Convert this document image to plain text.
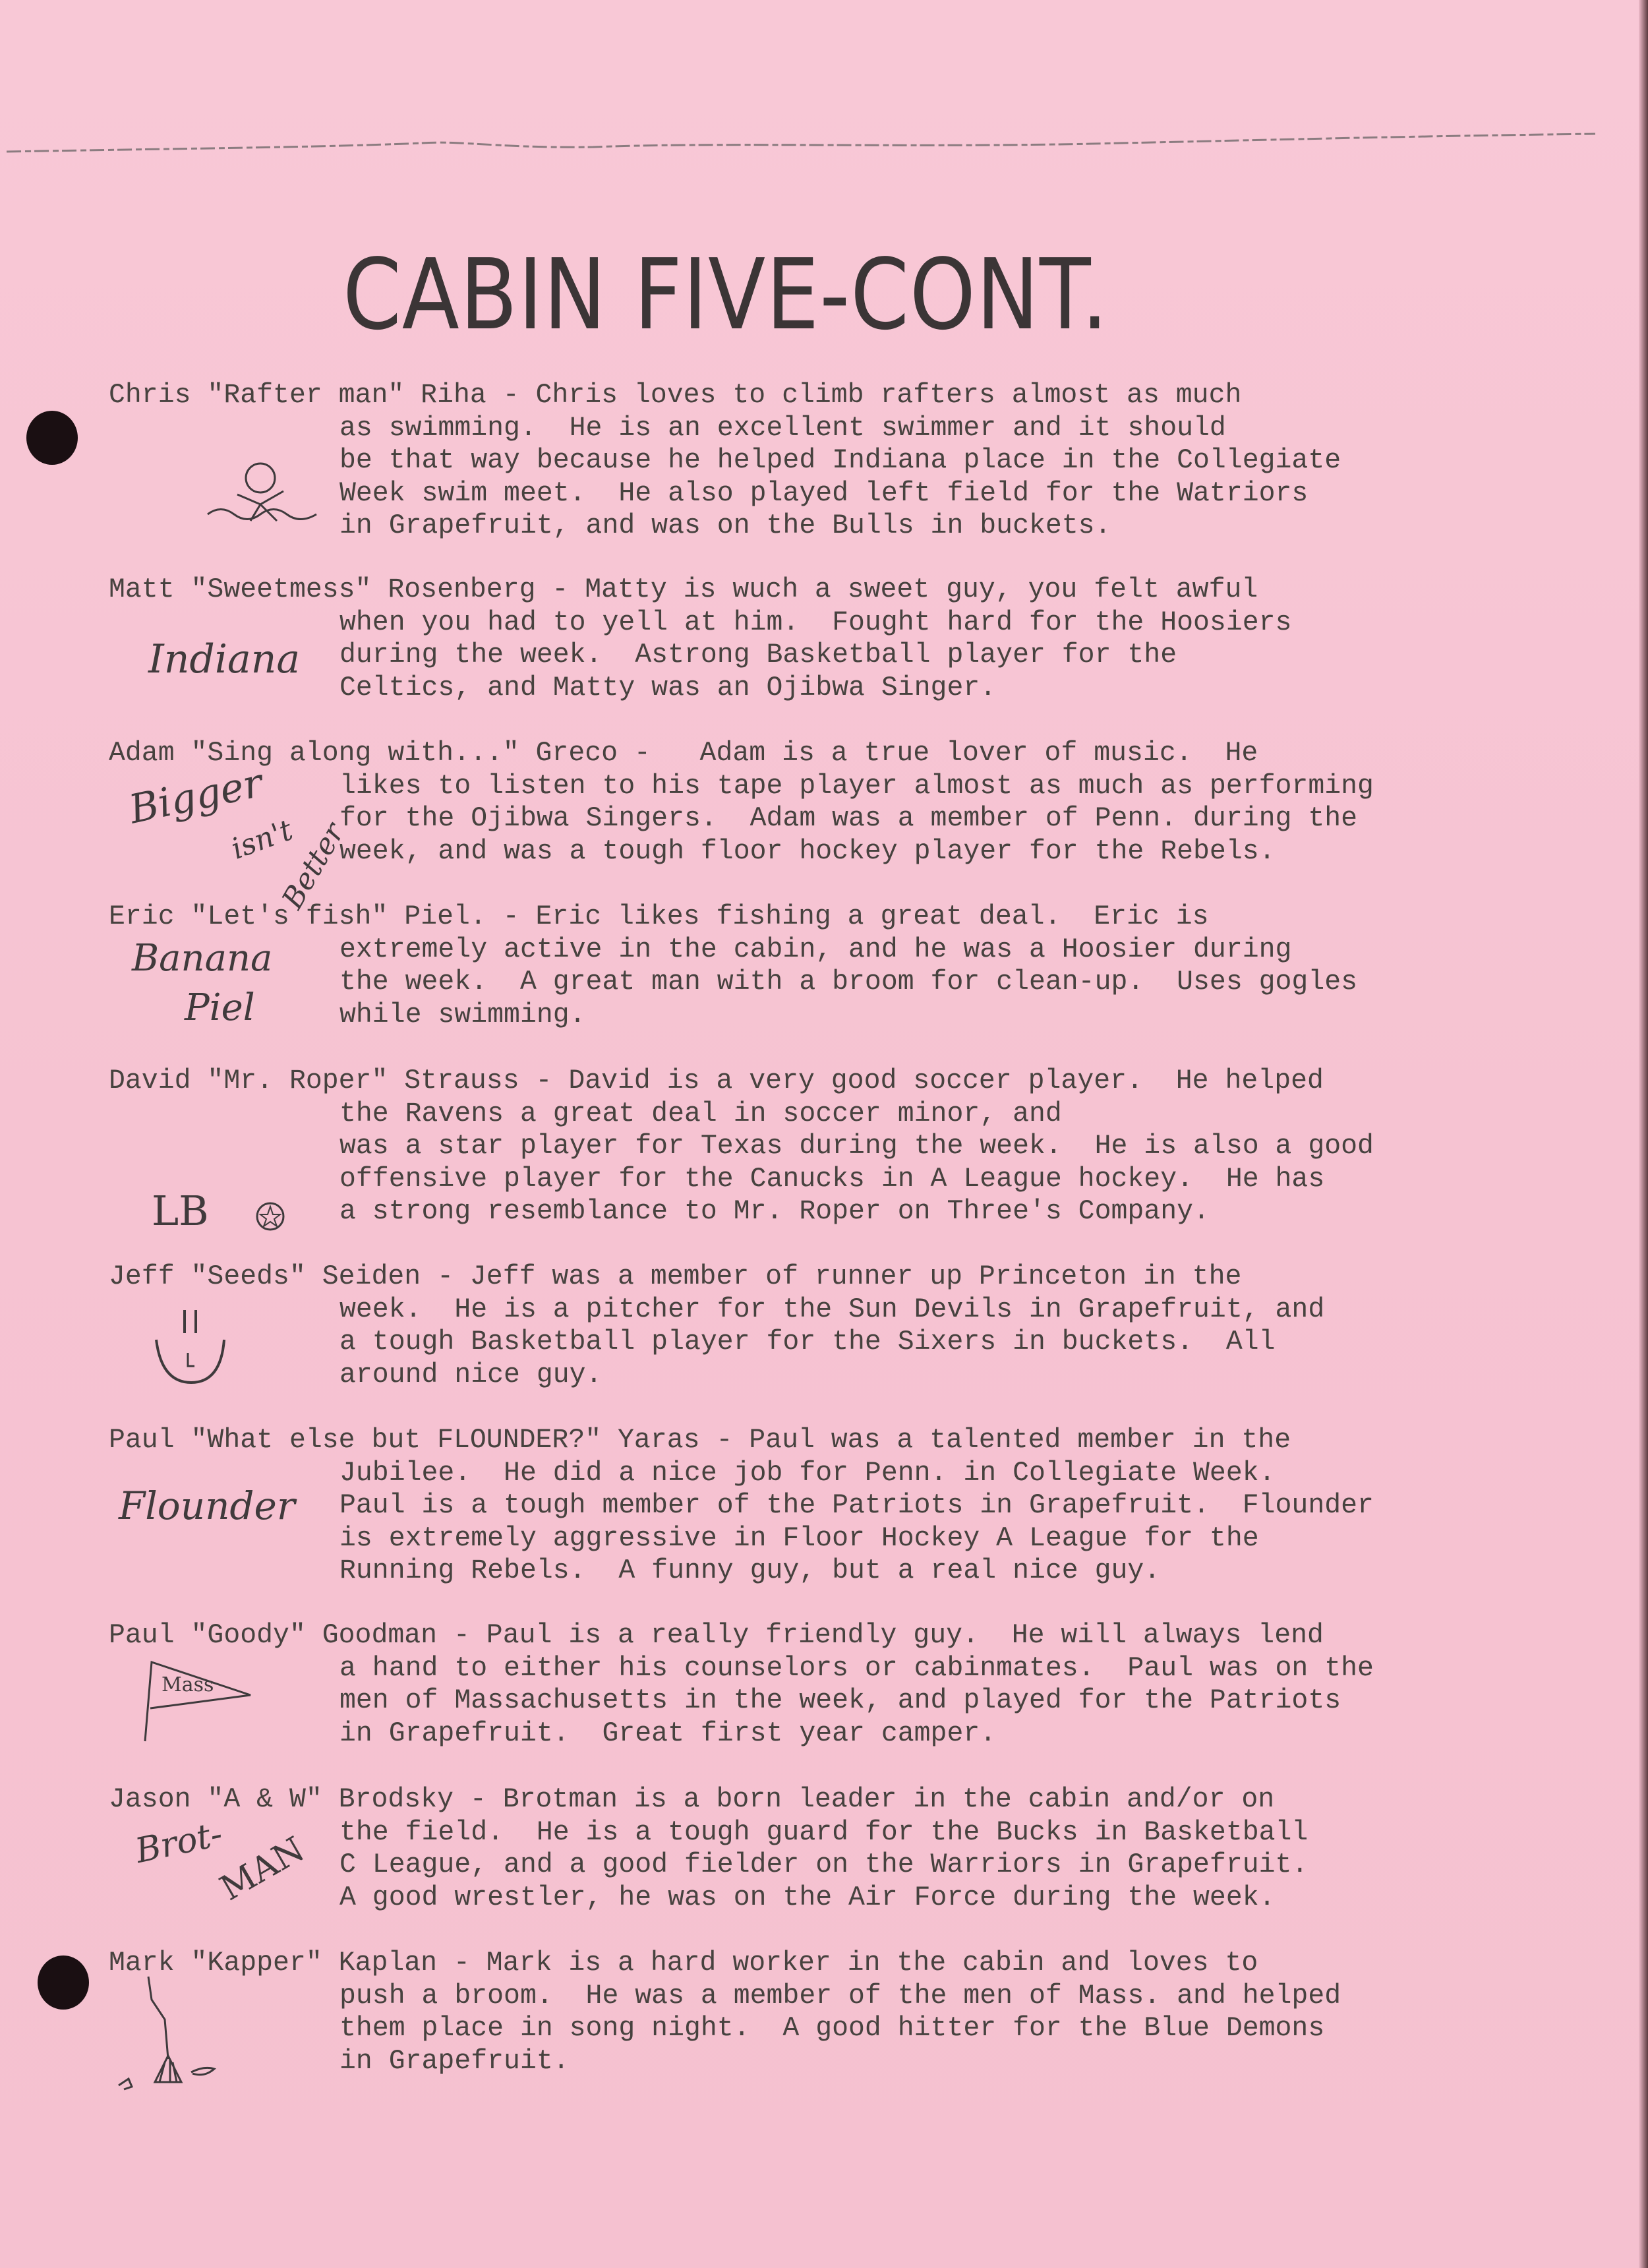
CABIN FIVE-CONT.
Chris "Rafter man" Riha - Chris loves to climb rafters almost as much
as swimming.  He is an excellent swimmer and it should
be that way because he helped Indiana place in the Collegiate
Week swim meet.  He also played left field for the Watriors
in Grapefruit, and was on the Bulls in buckets.
Matt "Sweetmess" Rosenberg - Matty is wuch a sweet guy, you felt awful
when you had to yell at him.  Fought hard for the Hoosiers
during the week.  Astrong Basketball player for the
Celtics, and Matty was an Ojibwa Singer.
Indiana
Adam "Sing along with..." Greco -   Adam is a true lover of music.  He
likes to listen to his tape player almost as much as performing
for the Ojibwa Singers.  Adam was a member of Penn. during the
week, and was a tough floor hockey player for the Rebels.
Bigger
isn't
Better
Eric "Let's fish" Piel. - Eric likes fishing a great deal.  Eric is
extremely active in the cabin, and he was a Hoosier during
the week.  A great man with a broom for clean-up.  Uses gogles
while swimming.
Banana
Piel
David "Mr. Roper" Strauss - David is a very good soccer player.  He helped
the Ravens a great deal in soccer minor, and
was a star player for Texas during the week.  He is also a good
offensive player for the Canucks in A League hockey.  He has
a strong resemblance to Mr. Roper on Three's Company.
LB
Jeff "Seeds" Seiden - Jeff was a member of runner up Princeton in the
week.  He is a pitcher for the Sun Devils in Grapefruit, and
a tough Basketball player for the Sixers in buckets.  All
around nice guy.
Paul "What else but FLOUNDER?" Yaras - Paul was a talented member in the
Jubilee.  He did a nice job for Penn. in Collegiate Week.
Paul is a tough member of the Patriots in Grapefruit.  Flounder
is extremely aggressive in Floor Hockey A League for the
Running Rebels.  A funny guy, but a real nice guy.
Flounder
Paul "Goody" Goodman - Paul is a really friendly guy.  He will always lend
a hand to either his counselors or cabinmates.  Paul was on the
men of Massachusetts in the week, and played for the Patriots
in Grapefruit.  Great first year camper.
Mass
Jason "A & W" Brodsky - Brotman is a born leader in the cabin and/or on
the field.  He is a tough guard for the Bucks in Basketball
C League, and a good fielder on the Warriors in Grapefruit.
A good wrestler, he was on the Air Force during the week.
Brot-
MAN
Mark "Kapper" Kaplan - Mark is a hard worker in the cabin and loves to
push a broom.  He was a member of the men of Mass. and helped
them place in song night.  A good hitter for the Blue Demons
in Grapefruit.
